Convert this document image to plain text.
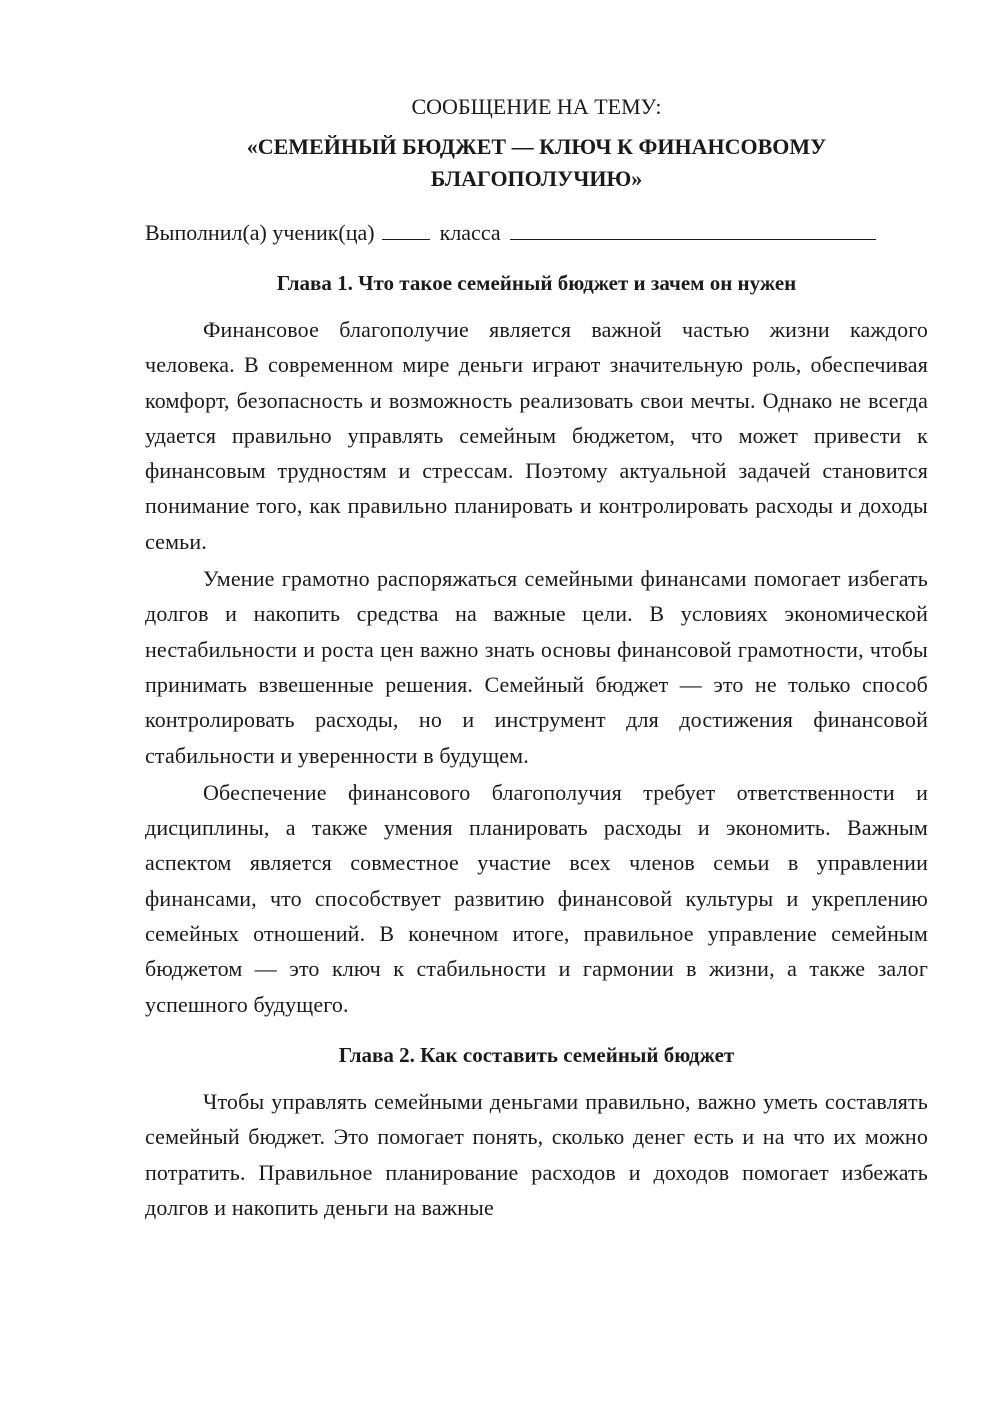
СООБЩЕНИЕ НА ТЕМУ:

«СЕМЕЙНЫЙ БЮДЖЕТ — КЛЮЧ К ФИНАНСОВОМУ БЛАГОПОЛУЧИЮ»

Выполнил(а) ученик(ца)	класса

Глава 1. Что такое семейный бюджет и зачем он нужен

Финансовое благополучие является важной частью жизни каждого человека. В современном мире деньги играют значительную роль, обеспечивая комфорт, безопасность и возможность реализовать свои мечты. Однако не всегда удается правильно управлять семейным бюджетом, что может привести к финансовым трудностям и стрессам. Поэтому актуальной задачей становится понимание того, как правильно планировать и контролировать расходы и доходы семьи.

Умение грамотно распоряжаться семейными финансами помогает избегать долгов и накопить средства на важные цели. В условиях экономической нестабильности и роста цен важно знать основы финансовой грамотности, чтобы принимать взвешенные решения. Семейный бюджет — это не только способ контролировать расходы, но и инструмент для достижения финансовой стабильности и уверенности в будущем.

Обеспечение финансового благополучия требует ответственности и дисциплины, а также умения планировать расходы и экономить. Важным аспектом является совместное участие всех членов семьи в управлении финансами, что способствует развитию финансовой культуры и укреплению семейных отношений. В конечном итоге, правильное управление семейным бюджетом — это ключ к стабильности и гармонии в жизни, а также залог успешного будущего.

Глава 2. Как составить семейный бюджет

Чтобы управлять семейными деньгами правильно, важно уметь составлять семейный бюджет. Это помогает понять, сколько денег есть и на что их можно потратить. Правильное планирование расходов и доходов помогает избежать долгов и накопить деньги на важные
